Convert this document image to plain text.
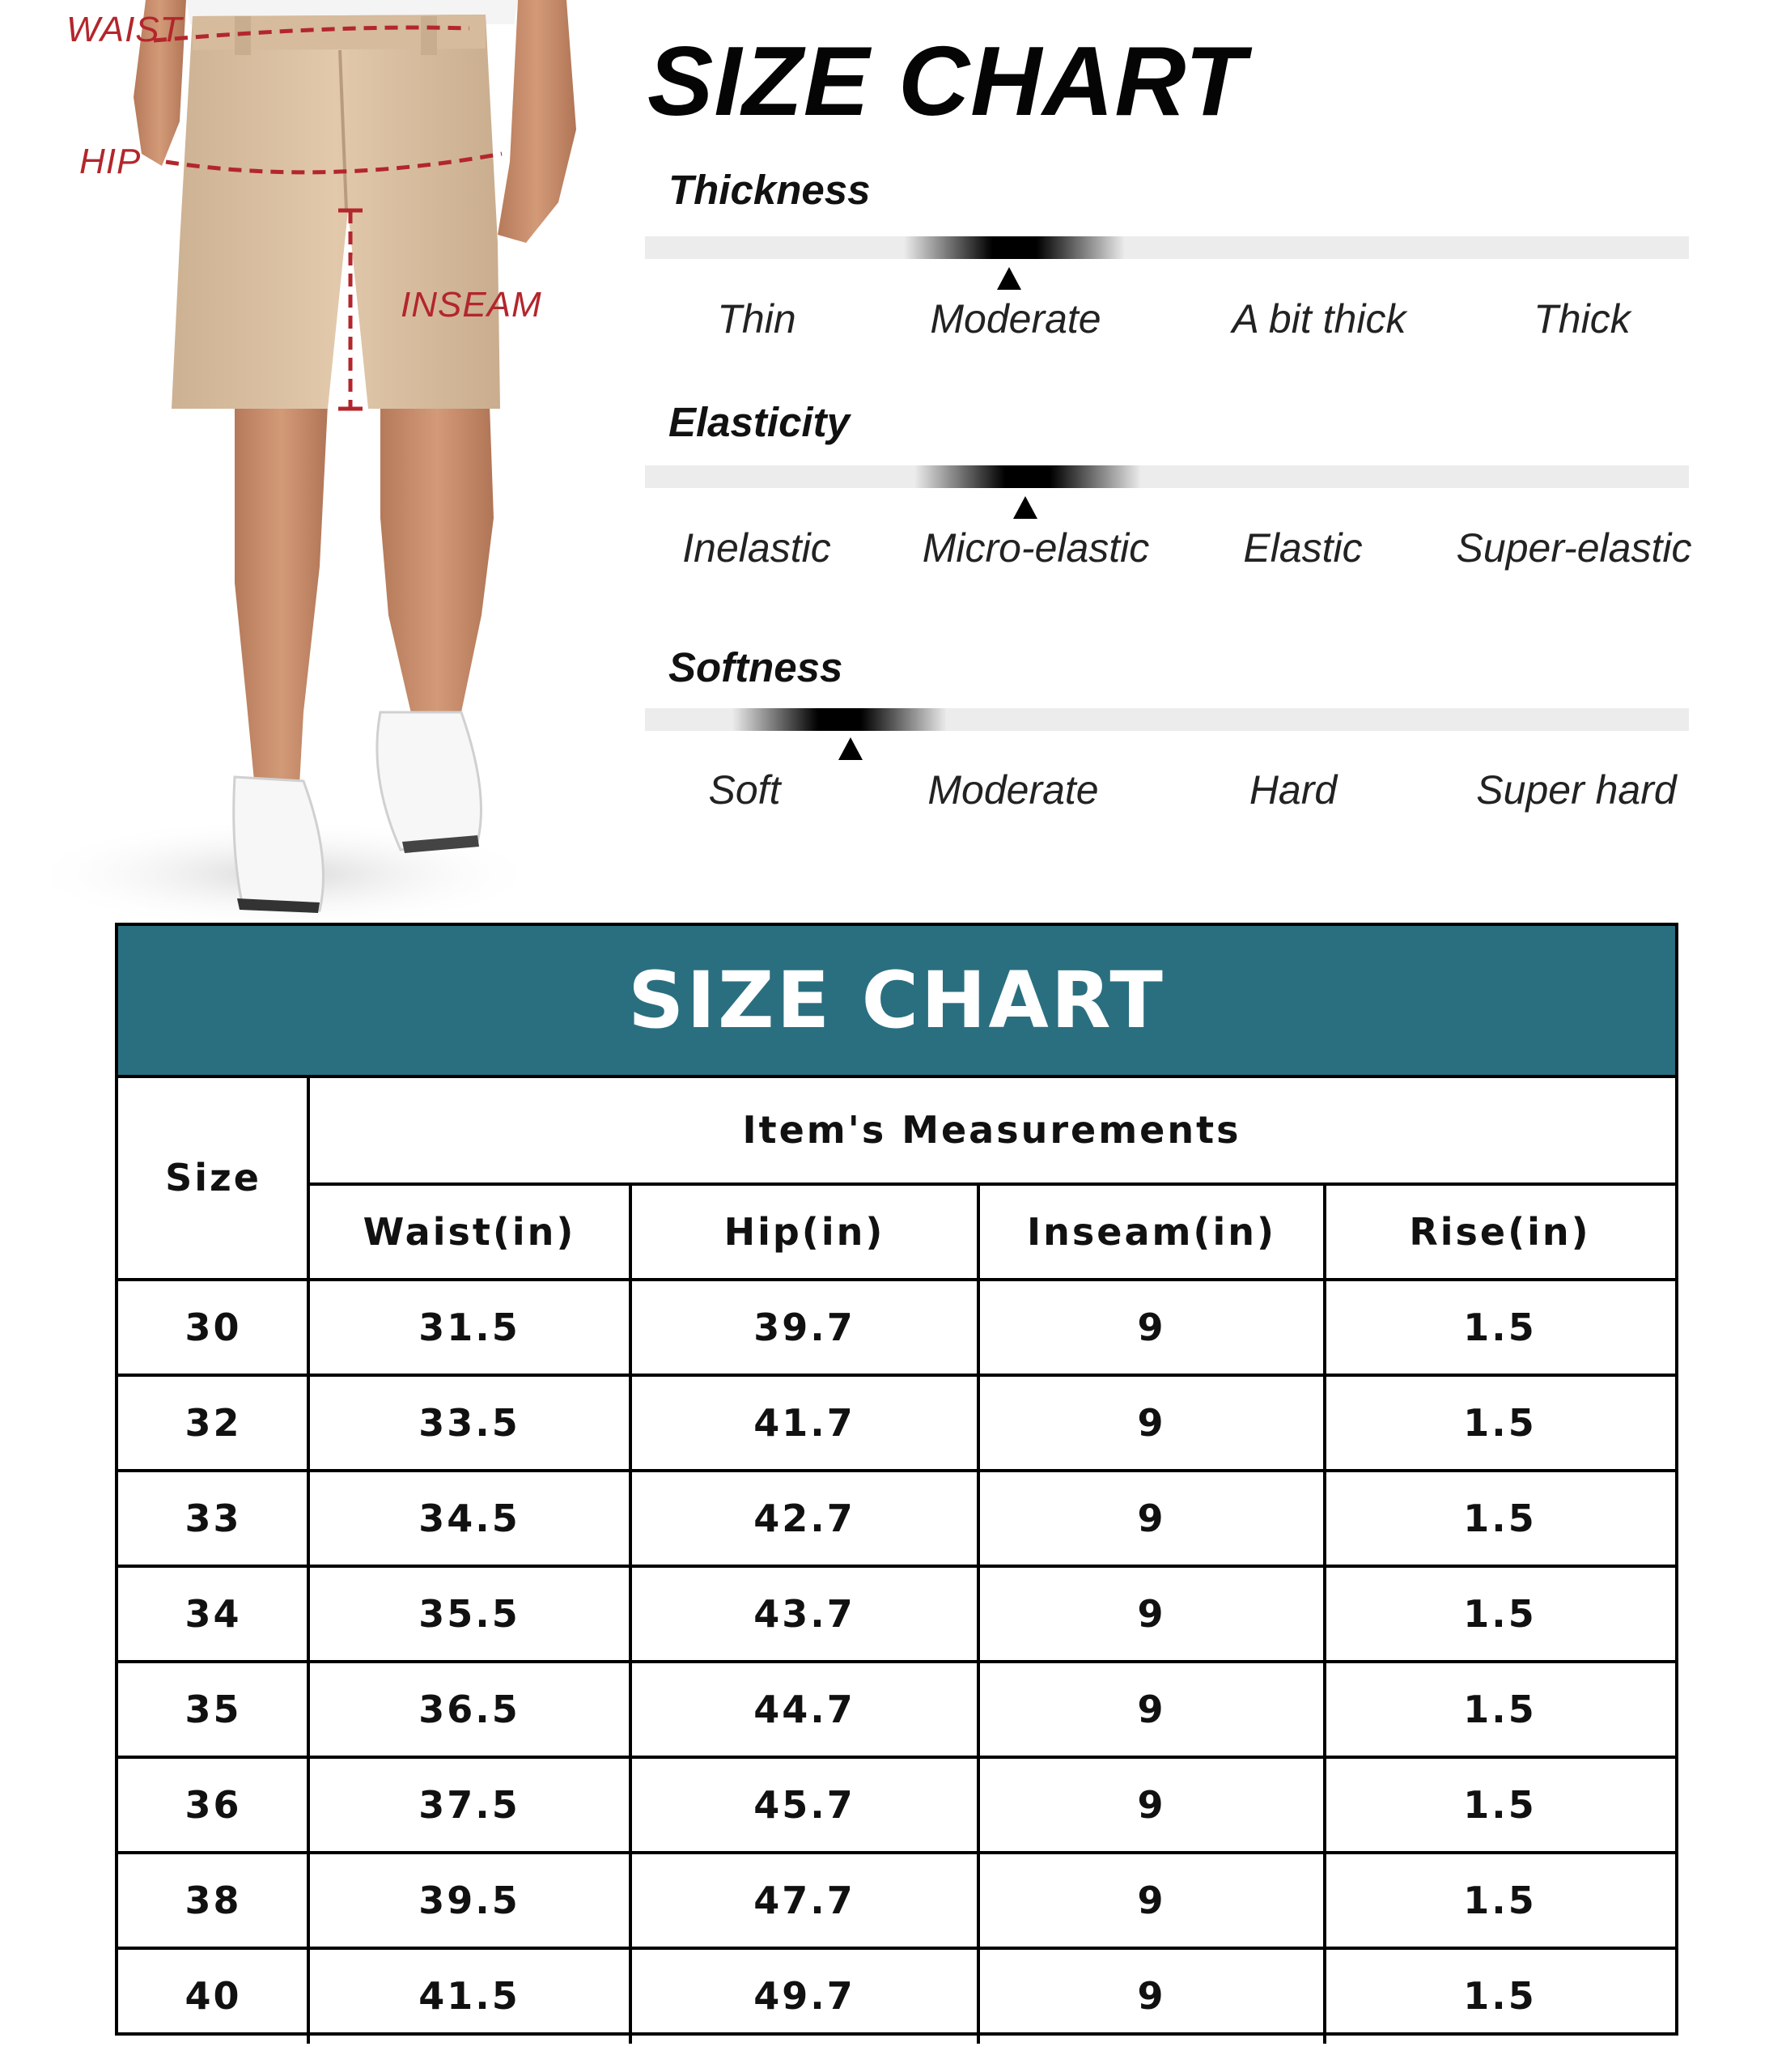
WAIST
HIP
INSEAM
SIZE CHART
Thickness
Thin	Moderate	A bit thick	Thick
Elasticity
Inelastic Micro-elastic Elastic Super-elastic
Softness
Soft	Moderate	Hard	Super hard
SIZE CHART
Size
Item's Measurements
Waist(in)	Hip(in)	Inseam(in)	Rise(in)
30	31.5	39.7	9	1.5
32	33.5	41.7	9	1.5
33	34.5	42.7	9	1.5
34	35.5	43.7	9	1.5
35	36.5	44.7	9	1.5
36	37.5	45.7	9	1.5
38	39.5	47.7	9	1.5
40	41.5	49.7	9	1.5
